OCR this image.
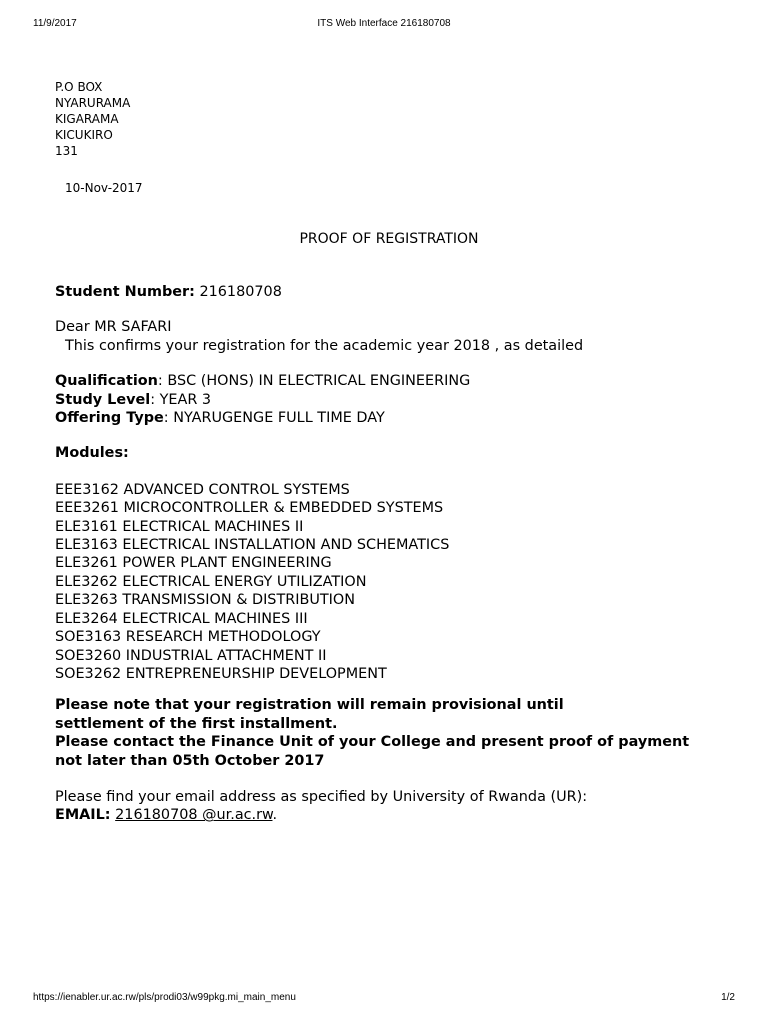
11/9/2017	ITS Web Interface 216180708
P.O BOX
NYARURAMA
KIGARAMA
KICUKIRO
131
10-Nov-2017
PROOF OF REGISTRATION
Student Number: 216180708
Dear MR SAFARI
This confirms your registration for the academic year 2018 , as detailed
Qualification: BSC (HONS) IN ELECTRICAL ENGINEERING
Study Level: YEAR 3
Offering Type: NYARUGENGE FULL TIME DAY
Modules:
EEE3162 ADVANCED CONTROL SYSTEMS
EEE3261 MICROCONTROLLER & EMBEDDED SYSTEMS
ELE3161 ELECTRICAL MACHINES II
ELE3163 ELECTRICAL INSTALLATION AND SCHEMATICS
ELE3261 POWER PLANT ENGINEERING
ELE3262 ELECTRICAL ENERGY UTILIZATION
ELE3263 TRANSMISSION & DISTRIBUTION
ELE3264 ELECTRICAL MACHINES III
SOE3163 RESEARCH METHODOLOGY
SOE3260 INDUSTRIAL ATTACHMENT II
SOE3262 ENTREPRENEURSHIP DEVELOPMENT
Please note that your registration will remain provisional until
settlement of the first installment.
Please contact the Finance Unit of your College and present proof of payment
not later than 05th October 2017
Please find your email address as specified by University of Rwanda (UR):
EMAIL: 216180708 @ur.ac.rw.
https://ienabler.ur.ac.rw/pls/prodi03/w99pkg.mi_main_menu	1/2
